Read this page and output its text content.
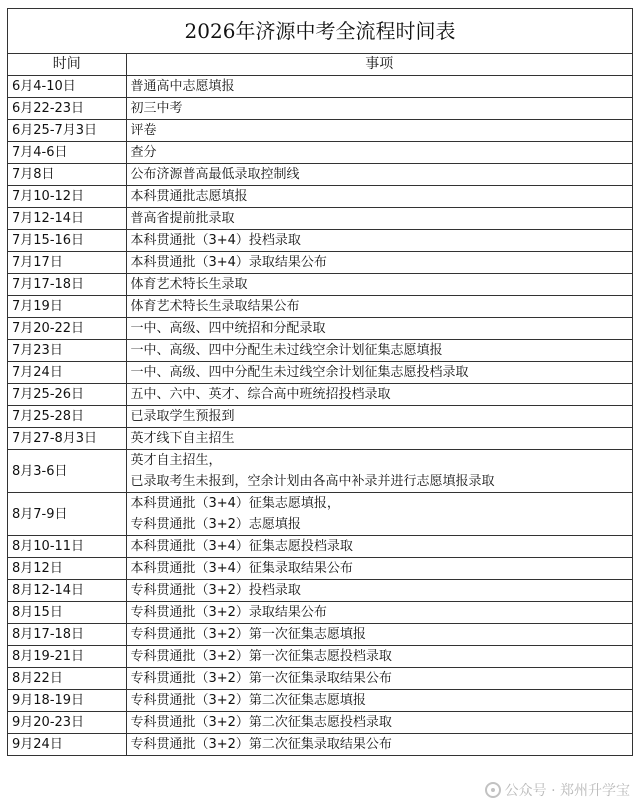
2026年济源中考全流程时间表
时间	事项
6月4-10日	普通高中志愿填报

6月22-23日	初三中考

6月25-7月3日	评卷

7月4-6日	查分

7月8日	公布济源普高最低录取控制线

7月10-12日	本科贯通批志愿填报

7月12-14日	普高省提前批录取

7月15-16日	本科贯通批（3+4）投档录取

7月17日	本科贯通批（3+4）录取结果公布

7月17-18日	体育艺术特长生录取

7月19日	体育艺术特长生录取结果公布

7月20-22日	一中、高级、四中统招和分配录取

7月23日	一中、高级、四中分配生未过线空余计划征集志愿填报

7月24日	一中、高级、四中分配生未过线空余计划征集志愿投档录取

7月25-26日	五中、六中、英才、综合高中班统招投档录取

7月25-28日	已录取学生预报到

7月27-8月3日	英才线下自主招生

8月3-6日	英才自主招生，
已录取考生未报到，空余计划由各高中补录并进行志愿填报录取

8月7-9日	本科贯通批（3+4）征集志愿填报，
专科贯通批（3+2）志愿填报

8月10-11日	本科贯通批（3+4）征集志愿投档录取

8月12日	本科贯通批（3+4）征集录取结果公布

8月12-14日	专科贯通批（3+2）投档录取

8月15日	专科贯通批（3+2）录取结果公布

8月17-18日	专科贯通批（3+2）第一次征集志愿填报

8月19-21日	专科贯通批（3+2）第一次征集志愿投档录取

8月22日	专科贯通批（3+2）第一次征集录取结果公布

9月18-19日	专科贯通批（3+2）第二次征集志愿填报

9月20-23日	专科贯通批（3+2）第二次征集志愿投档录取

9月24日	专科贯通批（3+2）第二次征集录取结果公布
公众号 · 郑州升学宝
